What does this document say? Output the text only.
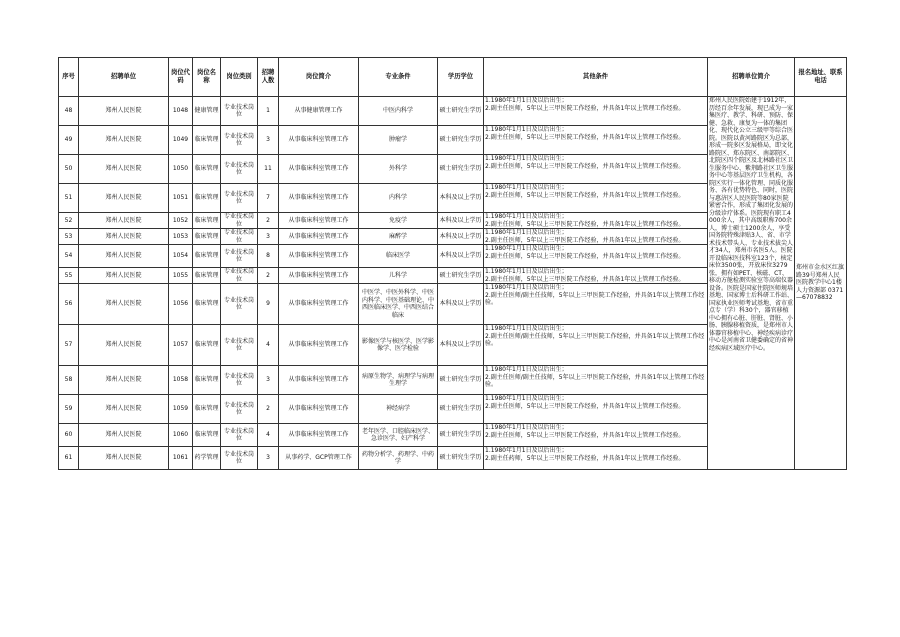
序号	招聘单位	岗位代码	岗位名称	岗位类别	招聘人数	岗位简介	专业条件	学历学位	其他条件	招聘单位简介	报名地址、联系电话
48	郑州人民医院	1048	健康管理	专业技术岗位	1	从事健康管理工作	中医内科学	硕士研究生学历	1.1980年1月1日及以后出生；
2.副主任医师，5年以上三甲医院工作经验，并具备1年以上管理工作经验。	郑州人民医院始建于1912年，历经百余年发展，现已成为一家集医疗、教学、科研、预防、保健、急救、康复为一体的集团化、现代化公立三级甲等综合医院。医院以黄河路院区为总部，形成一院多区发展格局，即文化路院区、郑东院区、南部院区、北院区四个院区及北林路社区卫生服务中心、紫荆路社区卫生服务中心等基层医疗卫生机构，各院区实行一体化管理、同质化服务、各有优势特色、同时，医院与惠济区人民医院等80家医院紧密合作，形成了集团化发展的分级诊疗体系。医院现有职工4000余人，其中高级职称700余人，博士硕士1200余人，享受国务院特殊津贴3人、省、市学术技术带头人、专业技术拔尖人才34人，郑州市名医5人。医院开设临床医技科室123个，核定床位3500张，开放床位3279张，拥有如PET、核磁、CT、移动方舱检测实验室等高端仪器设备。医院是国家住院医师规培基地、国家博士后科研工作站、国家执业医师考试基地、省市重点专（学）科30个，器官移植中心拥有心脏、肝脏、肾脏、小肠、胰腺移植资质，是郑州市人体器官移植中心、神经疾病诊疗中心是河南省卫健委确定的省神经疾病区域医疗中心。	郑州市金水区红旗路39号郑州人民医院教学中心1楼人力资源部 0371—67078832
49	郑州人民医院	1049	临床管理	专业技术岗位	3	从事临床科室管理工作	肿瘤学	硕士研究生学历	1.1980年1月1日及以后出生；
2.副主任医师，5年以上三甲医院工作经验，并具备1年以上管理工作经验。		
50	郑州人民医院	1050	临床管理	专业技术岗位	11	从事临床科室管理工作	外科学	硕士研究生学历	1.1980年1月1日及以后出生；
2.副主任医师，5年以上三甲医院工作经验，并具备1年以上管理工作经验。		
51	郑州人民医院	1051	临床管理	专业技术岗位	7	从事临床科室管理工作	内科学	本科及以上学历	1.1980年1月1日及以后出生；
2.副主任医师，5年以上三甲医院工作经验，并具备1年以上管理工作经验。		
52	郑州人民医院	1052	临床管理	专业技术岗位	2	从事临床科室管理工作	免疫学	本科及以上学历	1.1980年1月1日及以后出生；
2.副主任医师，5年以上三甲医院工作经验，并具备1年以上管理工作经验。		
53	郑州人民医院	1053	临床管理	专业技术岗位	3	从事临床科室管理工作	麻醉学	本科及以上学历	1.1980年1月1日及以后出生；
2.副主任医师，5年以上三甲医院工作经验，并具备1年以上管理工作经验。		
54	郑州人民医院	1054	临床管理	专业技术岗位	8	从事临床科室管理工作	临床医学	本科及以上学历	1.1980年1月1日及以后出生；
2.副主任医师，5年以上三甲医院工作经验，并具备1年以上管理工作经验。		
55	郑州人民医院	1055	临床管理	专业技术岗位	2	从事临床科室管理工作	儿科学	硕士研究生学历	1.1980年1月1日及以后出生；
2.副主任医师，5年以上三甲医院工作经验，并具备1年以上管理工作经验。		
56	郑州人民医院	1056	临床管理	专业技术岗位	9	从事临床科室管理工作	中医学、中医外科学、中医内科学、中医基础理论、中西医临床医学、中西医结合临床	本科及以上学历	1.1980年1月1日及以后出生；
2.副主任医师/副主任技师，5年以上三甲医院工作经验，并具备1年以上管理工作经验。		
57	郑州人民医院	1057	临床管理	专业技术岗位	4	从事临床科室管理工作	影像医学与核医学、医学影像学、医学检验	本科及以上学历	1.1980年1月1日及以后出生；
2.副主任医师/副主任技师，5年以上三甲医院工作经验，并具备1年以上管理工作经验。		
58	郑州人民医院	1058	临床管理	专业技术岗位	3	从事临床科室管理工作	病原生物学、病理学与病理生理学	硕士研究生学历	1.1980年1月1日及以后出生；
2.副主任医师/副主任技师，5年以上三甲医院工作经验，并具备1年以上管理工作经验。		
59	郑州人民医院	1059	临床管理	专业技术岗位	2	从事临床科室管理工作	神经病学	硕士研究生学历	1.1980年1月1日及以后出生；
2.副主任医师，5年以上三甲医院工作经验，并具备1年以上管理工作经验。		
60	郑州人民医院	1060	临床管理	专业技术岗位	4	从事临床科室管理工作	老年医学、口腔临床医学、急诊医学、妇产科学	硕士研究生学历	1.1980年1月1日及以后出生；
2.副主任医师，5年以上三甲医院工作经验，并具备1年以上管理工作经验。		
61	郑州人民医院	1061	药学管理	专业技术岗位	3	从事药学、GCP管理工作	药物分析学、药理学、中药学	硕士研究生学历	1.1980年1月1日及以后出生；
2.副主任药师，5年以上三甲医院工作经验，并具备1年以上管理工作经验。		
